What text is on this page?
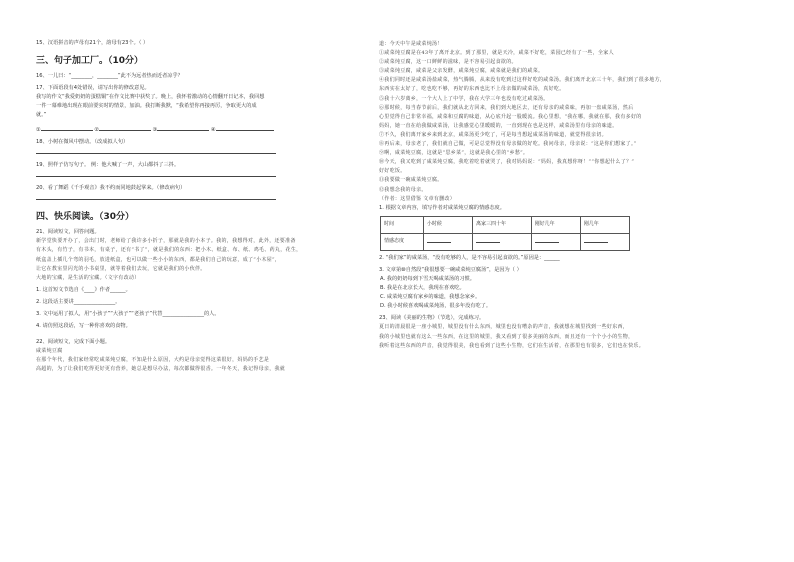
15、汉语拼音的声母有21个，韵母有23个。（ ）
三、句子加工厂。（10分）
16、一儿曰：“________，________”此不为远者热而近者凉乎？
17、下面语段有4处错误，请写出你的修改意见。
我写的作文“我爱奶奶的蛋糕铜”在作文比赛中获奖了。晚上，我怀着激动的心情翻开日记本，我回想
一件一幕难地出现在眼前要实时的情景，加油。我打断我默，“我希望你再接再厉，争取更大的成
就。”
①	②	③	④
18、小树在微风中摆动。（改成拟人句）
19、照样子仿写句子。 例：他大喊了一声，大山都抖了三抖。
20、看了舞蹈《千手观音》我不约而同地鼓起掌来。（修改病句）
四、快乐阅读。（30分）
21、阅读短文，回答问题。
新学堂快要开办了，会出门时，老师给了我许多小折子，那就是我的小本子。我的，我想得对，此外，还要准备
有木头，有竹子，有书本，有桌子，还有“书了”，就是我们的东西：把小木、纸盒、布、纸、鸡毛、药丸，花生，
纸盒盖上插几个弯的羽毛，放进纸盒，也可以做一些小小的东西，都是我们自己的玩意，成了“小木屋”，
让它在教室里闪光的小书桌里，就等着我们去玩，它就是我们的小伙伴。
大地的宝藏，是生活的宝藏。（文字有改动）
1. 这首短文节选自《____》作者______。
2. 这段话主要讲________________。
3. 文中运用了拟人，用“小孩子”“大孩子”“老孩子”代替________________的人。
4. 请仿照这段话，写一种你喜欢的食物。
22、阅读短文，完成下面小题。
咸菜炖豆腐
在那个年代，我们家经常吃咸菜炖豆腐，不知是什么原因，大约是母亲觉得这菜很好，妈妈的手艺是
高超的，为了让我们吃得更好更有营养，她总是想尽办法，每次都做得很香。一年冬天，我记得母亲，我就
道：今天中午是咸菜炖汤！
①咸菜炖豆腐是在43年了离开北京。到了那里，就是天冷，咸菜不好吃，菜园已经有了一些，全家人
②咸菜炖豆腐，这一口鲜鲜的滋味，是不容易引起食欲的。
③咸菜炖豆腐，咸菜是父亲发酵，咸菜炖豆腐，咸菜就是我们的咸菜。
④我们同时还是咸菜汤盐咸菜，热气腾腾，从来没有吃到过这样好吃的咸菜汤。我们离开北京三十年，我们到了很多地方，
东西实在太好了，吃也吃不够，再好的东西也比不上母亲做的咸菜汤，真好吃。
⑤我十六岁离乡，一个大人上了中学，我在大学三年也没有吃过咸菜汤。
⑥那时候，每当春节前后，我们就从北方回来，我们到大地区去，还有母亲的咸菜味，再加一盘咸菜汤，然后
心里觉得自己非常幸福，咸菜和豆腐的味道，从心底升起一股暖流。我心里想，“我在哪，我就在那，我有多好的
妈妈，她一直在给我做咸菜汤，让我感觉心里暖暖的，一直到现在也是这样，咸菜汤里有母亲的味道。
⑦不久，我们离开家乡来到北京，咸菜汤更少吃了，可是每当想起咸菜汤的味道，就觉得很亲切。
⑧再后来，母亲老了，我们就自己做，可是总觉得没有母亲做的好吃。我问母亲，母亲说：“这是你们想家了。”
⑨啊，咸菜炖豆腐，这就是“思乡菜”，这就是我心里的“乡愁”。
⑩今天，我又吃到了咸菜炖豆腐，我吃着吃着就哭了，我对妈妈说：“妈妈，我真想你呀！”“你想起什么了？”
好好吃饭。
⑪我要做一碗咸菜炖豆腐。
⑫我想念我的母亲。
（作者：这里借鉴 文章有删改）
1. 根据文章内容，填写作者对咸菜炖豆腐的情感态度。
时间	小时候	离家三四十年	刚好几年	刚几年
情感态度				
2. “我们家”的咸菜汤，“没有吃够的人，是不容易引起食欲的。”原因是：______
3. 文章第⑩自然段“我很想要一碗咸菜炖豆腐汤”，是因为（ ）
A. 我的奶奶每到下雪天喝咸菜汤的习惯。
B. 我是在北京长大，我现在喜欢吃。
C. 咸菜炖豆腐有家乡的味道，我想念家乡。
D. 我小时候喜欢喝咸菜炖汤，很多年没有吃了。
23、阅读《美丽的生物》（节选），完成练习。
夏日的清晨很是一座小城里，城里没有什么东西，城里也没有嘈杂的声音，我就想在城里找到一些好东西，
我的小城里也就有这么一些东西，在这里的城里，我又看到了很多美丽的东西，而且还有一个个小小的生物，
我听着这些东西的声音，我觉得很美，我也看到了这些小生物，它们在生活着，在那里也有很多，它们也在快乐。
